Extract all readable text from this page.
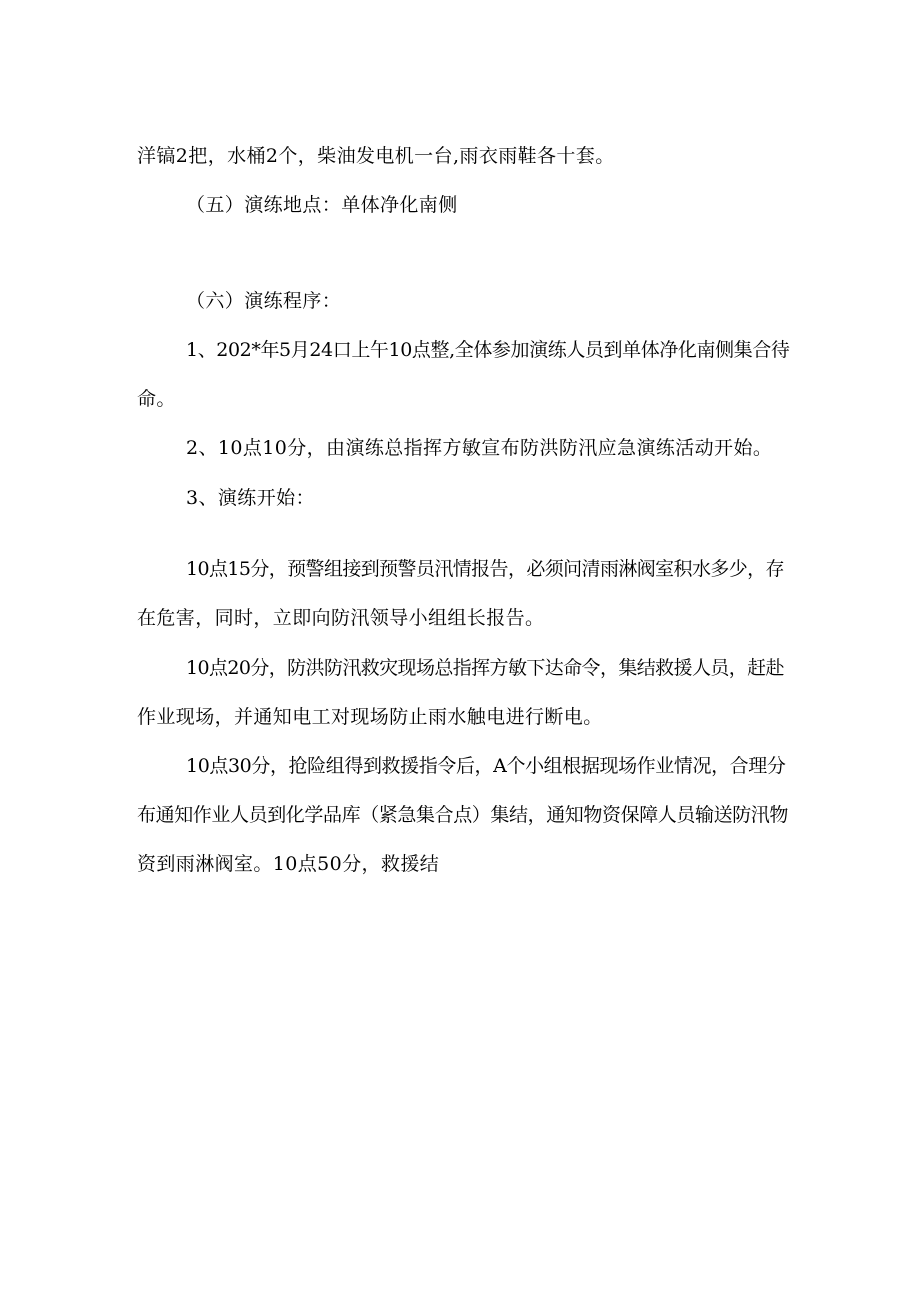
洋镐2把，水桶2个，柴油发电机一台,雨衣雨鞋各十套。
（五）演练地点：单体净化南侧
（六）演练程序：
1、202*年5月24口上午10点整,全体参加演练人员到单体净化南侧集合待
命。
2、10点10分，由演练总指挥方敏宣布防洪防汛应急演练活动开始。
3、演练开始：
10点15分，预警组接到预警员汛情报告，必须问清雨淋阀室积水多少，存
在危害，同时，立即向防汛领导小组组长报告。
10点20分，防洪防汛救灾现场总指挥方敏下达命令，集结救援人员，赶赴
作业现场，并通知电工对现场防止雨水触电进行断电。
10点30分，抢险组得到救援指令后，A个小组根据现场作业情况，合理分
布通知作业人员到化学品库（紧急集合点）集结，通知物资保障人员输送防汛物
资到雨淋阀室。10点50分，救援结
